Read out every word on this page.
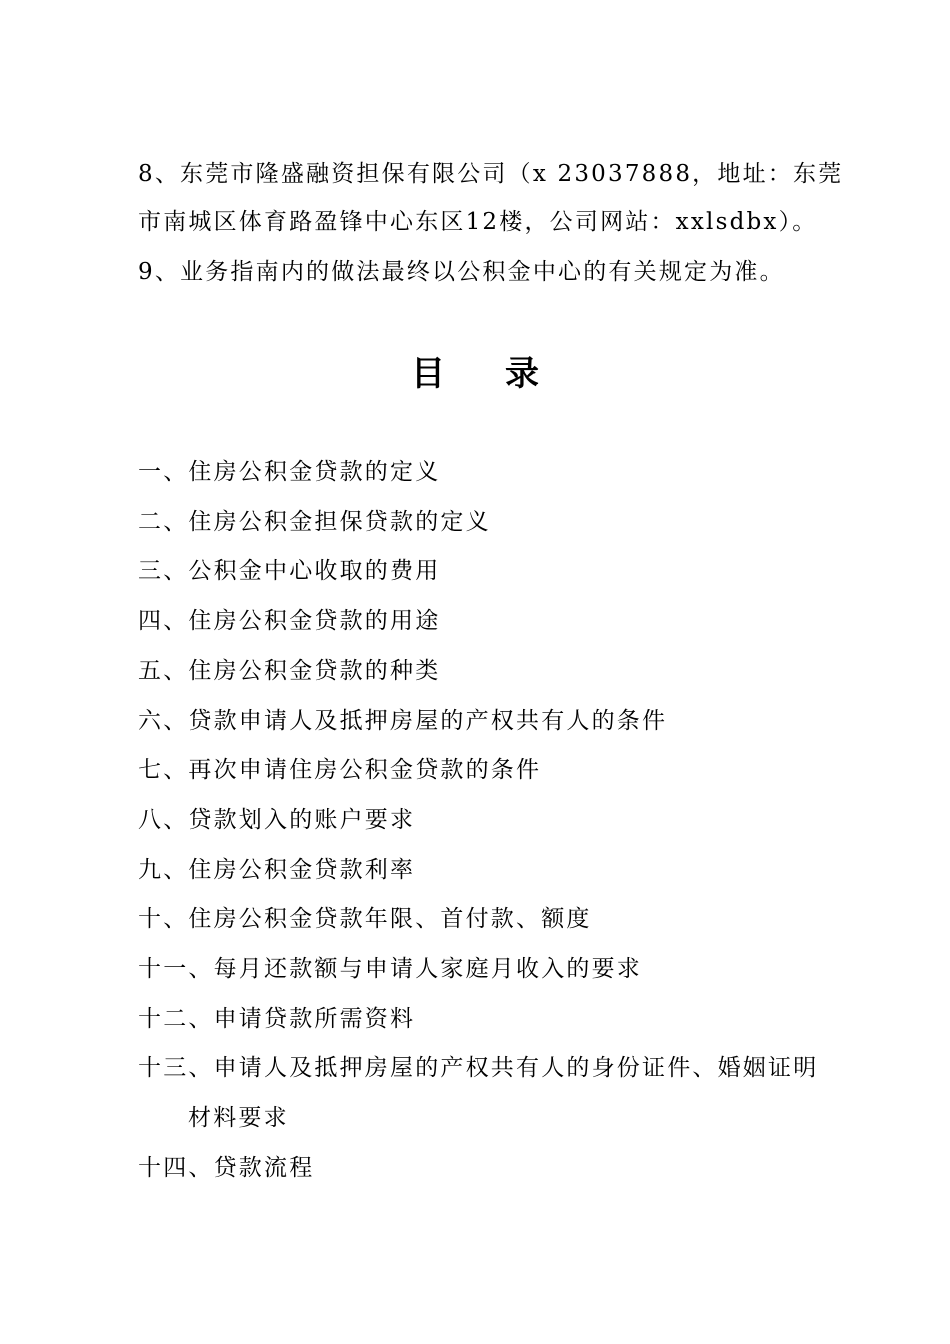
8、东莞市隆盛融资担保有限公司（x 23037888，地址：东莞
市南城区体育路盈锋中心东区12楼，公司网站：xxlsdbx）。
9、业务指南内的做法最终以公积金中心的有关规定为准。
目 录
一、住房公积金贷款的定义
二、住房公积金担保贷款的定义
三、公积金中心收取的费用
四、住房公积金贷款的用途
五、住房公积金贷款的种类
六、贷款申请人及抵押房屋的产权共有人的条件
七、再次申请住房公积金贷款的条件
八、贷款划入的账户要求
九、住房公积金贷款利率
十、住房公积金贷款年限、首付款、额度
十一、每月还款额与申请人家庭月收入的要求
十二、申请贷款所需资料
十三、申请人及抵押房屋的产权共有人的身份证件、婚姻证明
材料要求
十四、贷款流程
